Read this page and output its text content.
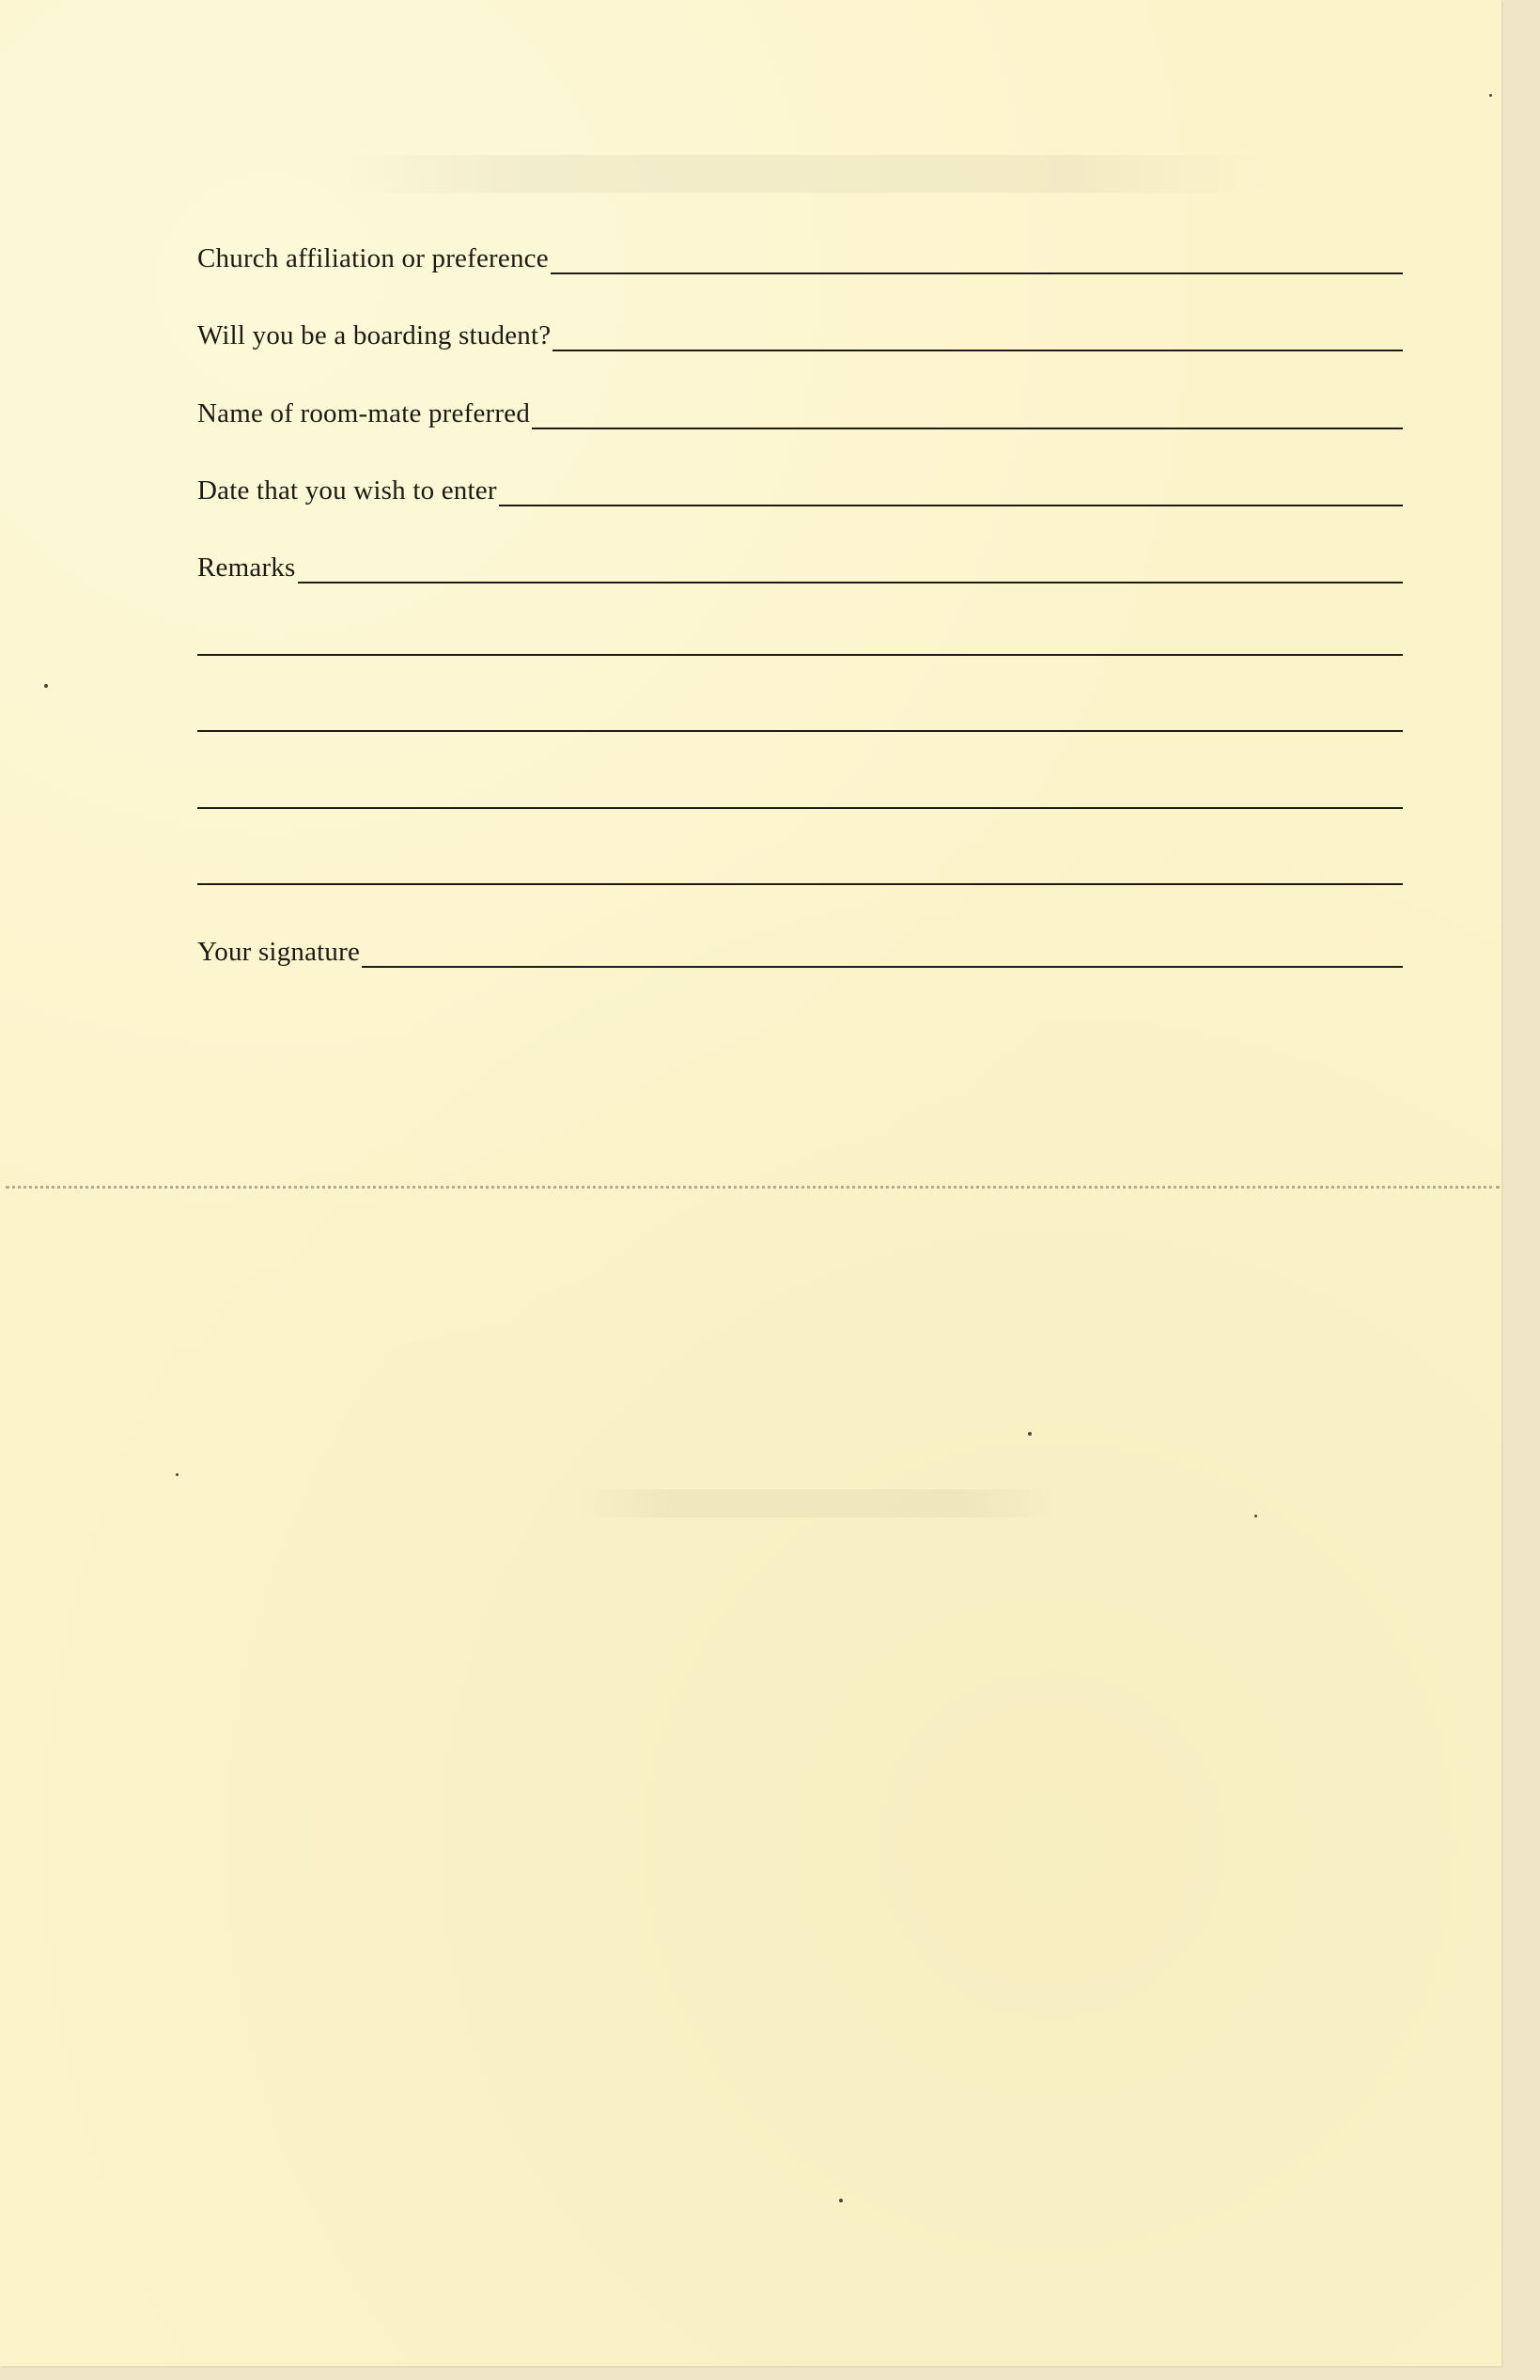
Church affiliation or preference
Will you be a boarding student?
Name of room-mate preferred
Date that you wish to enter
Remarks
Your signature
